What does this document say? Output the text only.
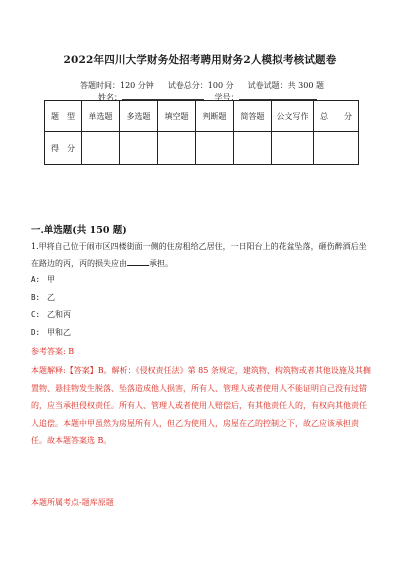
2022年四川大学财务处招考聘用财务2人模拟考核试题卷
答题时间：120 分钟 试卷总分：100 分 试卷试题：共 300 题
姓名：	学号：
题　型	单选题	多选题	填空题	判断题	简答题	公文写作	总　　分
得　分							
一.单选题(共 150 题)
1.甲将自己位于闹市区四楼街面一侧的住房租给乙居住，一日阳台上的花盆坠落，砸伤醉酒后坐在路边的丙，丙的损失应由	承担。
A: 甲
B: 乙
C: 乙和丙
D: 甲和乙
参考答案: B
本题解释:【答案】B。解析：《侵权责任法》第 85 条规定，建筑物、构筑物或者其他设施及其搁置物、悬挂物发生脱落、坠落造成他人损害，所有人、管理人或者使用人不能证明自己没有过错的，应当承担侵权责任。所有人、管理人或者使用人赔偿后，有其他责任人的，有权向其他责任人追偿。本题中甲虽然为房屋所有人，但乙为使用人，房屋在乙的控制之下，故乙应该承担责任。故本题答案选 B。
本题所属考点-题库原题
